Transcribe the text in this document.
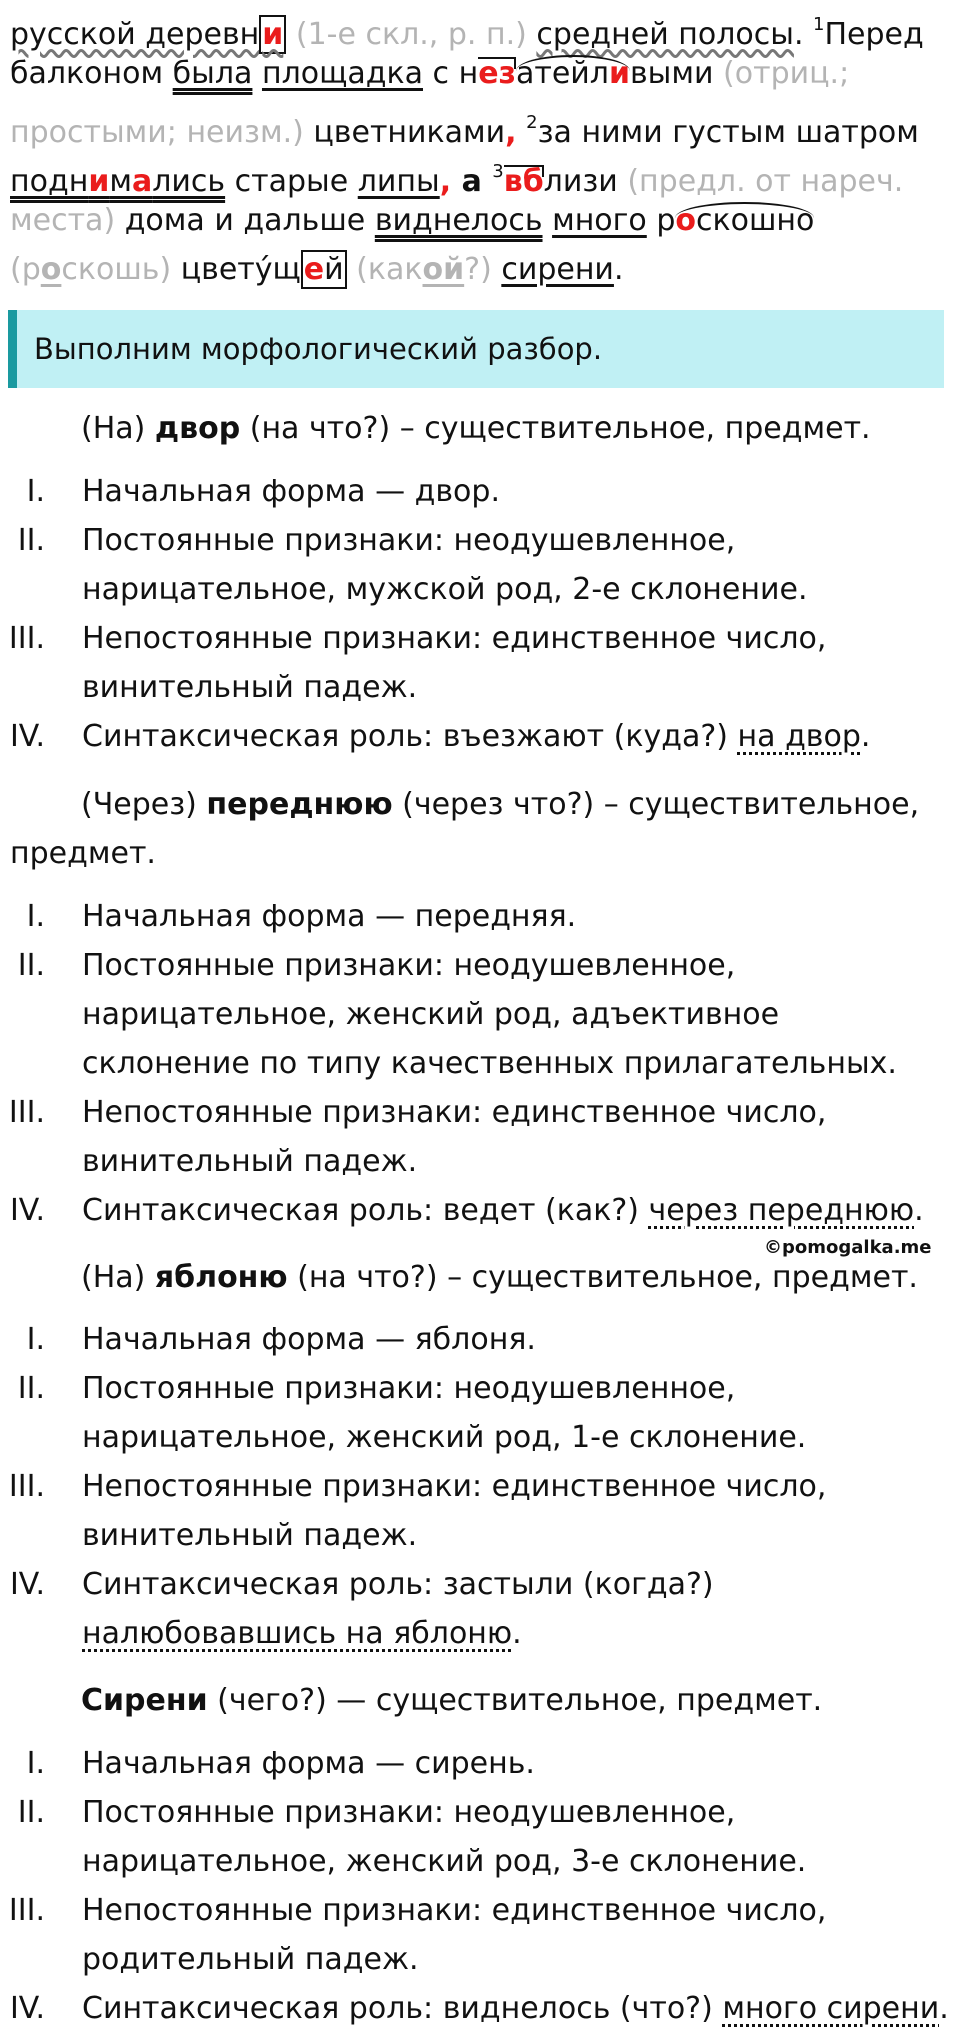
русской деревн и (1-е скл., р. п.) средней полосы. $^1$Перед
балконом была площадка с незатейливыми (отриц.;
простыми; неизм.) цветниками, $^2$за ними густым шатром
поднимались старые липы, а $^3$вблизи (предл. от нареч.
места) дома и дальше виднелось много роскошно
(роскошь) цвету́щ ей (какой?) сирени.
Выполним морфологический разбор.
(На) двор (на что?) – существительное, предмет.
I. Начальная форма — двор.
II. Постоянные признаки: неодушевленное, нарицательное, мужской род, 2-е склонение.
III. Непостоянные признаки: единственное число, винительный падеж.
IV. Синтаксическая роль: въезжают (куда?) на двор.
(Через) переднюю (через что?) – существительное, предмет.
I. Начальная форма — передняя.
II. Постоянные признаки: неодушевленное, нарицательное, женский род, адъективное склонение по типу качественных прилагательных.
III. Непостоянные признаки: единственное число, винительный падеж.
IV. Синтаксическая роль: ведет (как?) через переднюю.
©pomogalka.me
(На) яблоню (на что?) – существительное, предмет.
I. Начальная форма — яблоня.
II. Постоянные признаки: неодушевленное, нарицательное, женский род, 1-е склонение.
III. Непостоянные признаки: единственное число, винительный падеж.
IV. Синтаксическая роль: застыли (когда?) налюбовавшись на яблоню.
Сирени (чего?) — существительное, предмет.
I. Начальная форма — сирень.
II. Постоянные признаки: неодушевленное, нарицательное, женский род, 3-е склонение.
III. Непостоянные признаки: единственное число, родительный падеж.
IV. Синтаксическая роль: виднелось (что?) много сирени.
